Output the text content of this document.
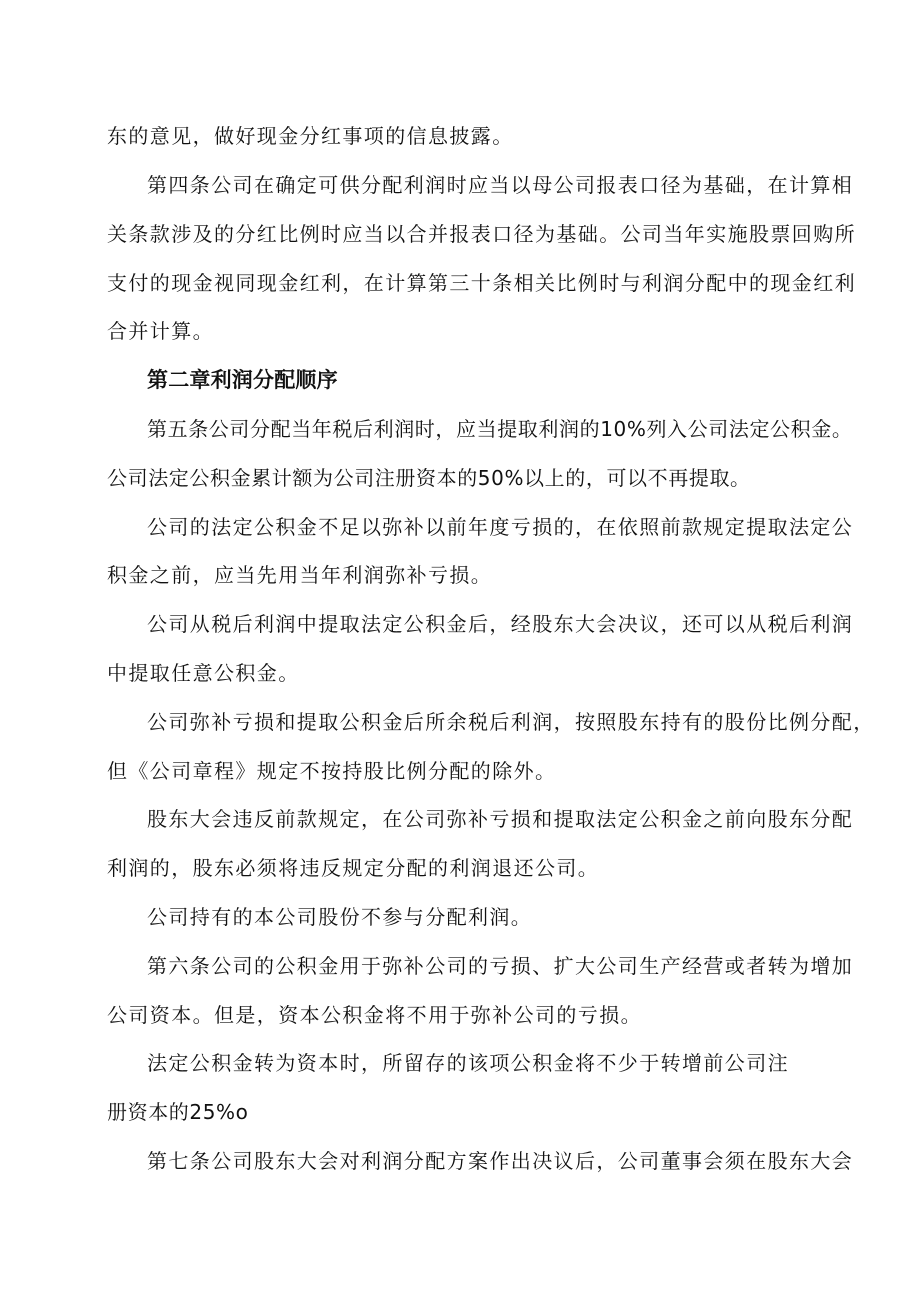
东的意见，做好现金分红事项的信息披露。
第四条公司在确定可供分配利润时应当以母公司报表口径为基础，在计算相
关条款涉及的分红比例时应当以合并报表口径为基础。公司当年实施股票回购所
支付的现金视同现金红利，在计算第三十条相关比例时与利润分配中的现金红利
合并计算。
第二章利润分配顺序
第五条公司分配当年税后利润时，应当提取利润的10%列入公司法定公积金。
公司法定公积金累计额为公司注册资本的50%以上的，可以不再提取。
公司的法定公积金不足以弥补以前年度亏损的，在依照前款规定提取法定公
积金之前，应当先用当年利润弥补亏损。
公司从税后利润中提取法定公积金后，经股东大会决议，还可以从税后利润
中提取任意公积金。
公司弥补亏损和提取公积金后所余税后利润，按照股东持有的股份比例分配，
但《公司章程》规定不按持股比例分配的除外。
股东大会违反前款规定，在公司弥补亏损和提取法定公积金之前向股东分配
利润的，股东必须将违反规定分配的利润退还公司。
公司持有的本公司股份不参与分配利润。
第六条公司的公积金用于弥补公司的亏损、扩大公司生产经营或者转为增加
公司资本。但是，资本公积金将不用于弥补公司的亏损。
法定公积金转为资本时，所留存的该项公积金将不少于转增前公司注
册资本的25%o
第七条公司股东大会对利润分配方案作出决议后，公司董事会须在股东大会
